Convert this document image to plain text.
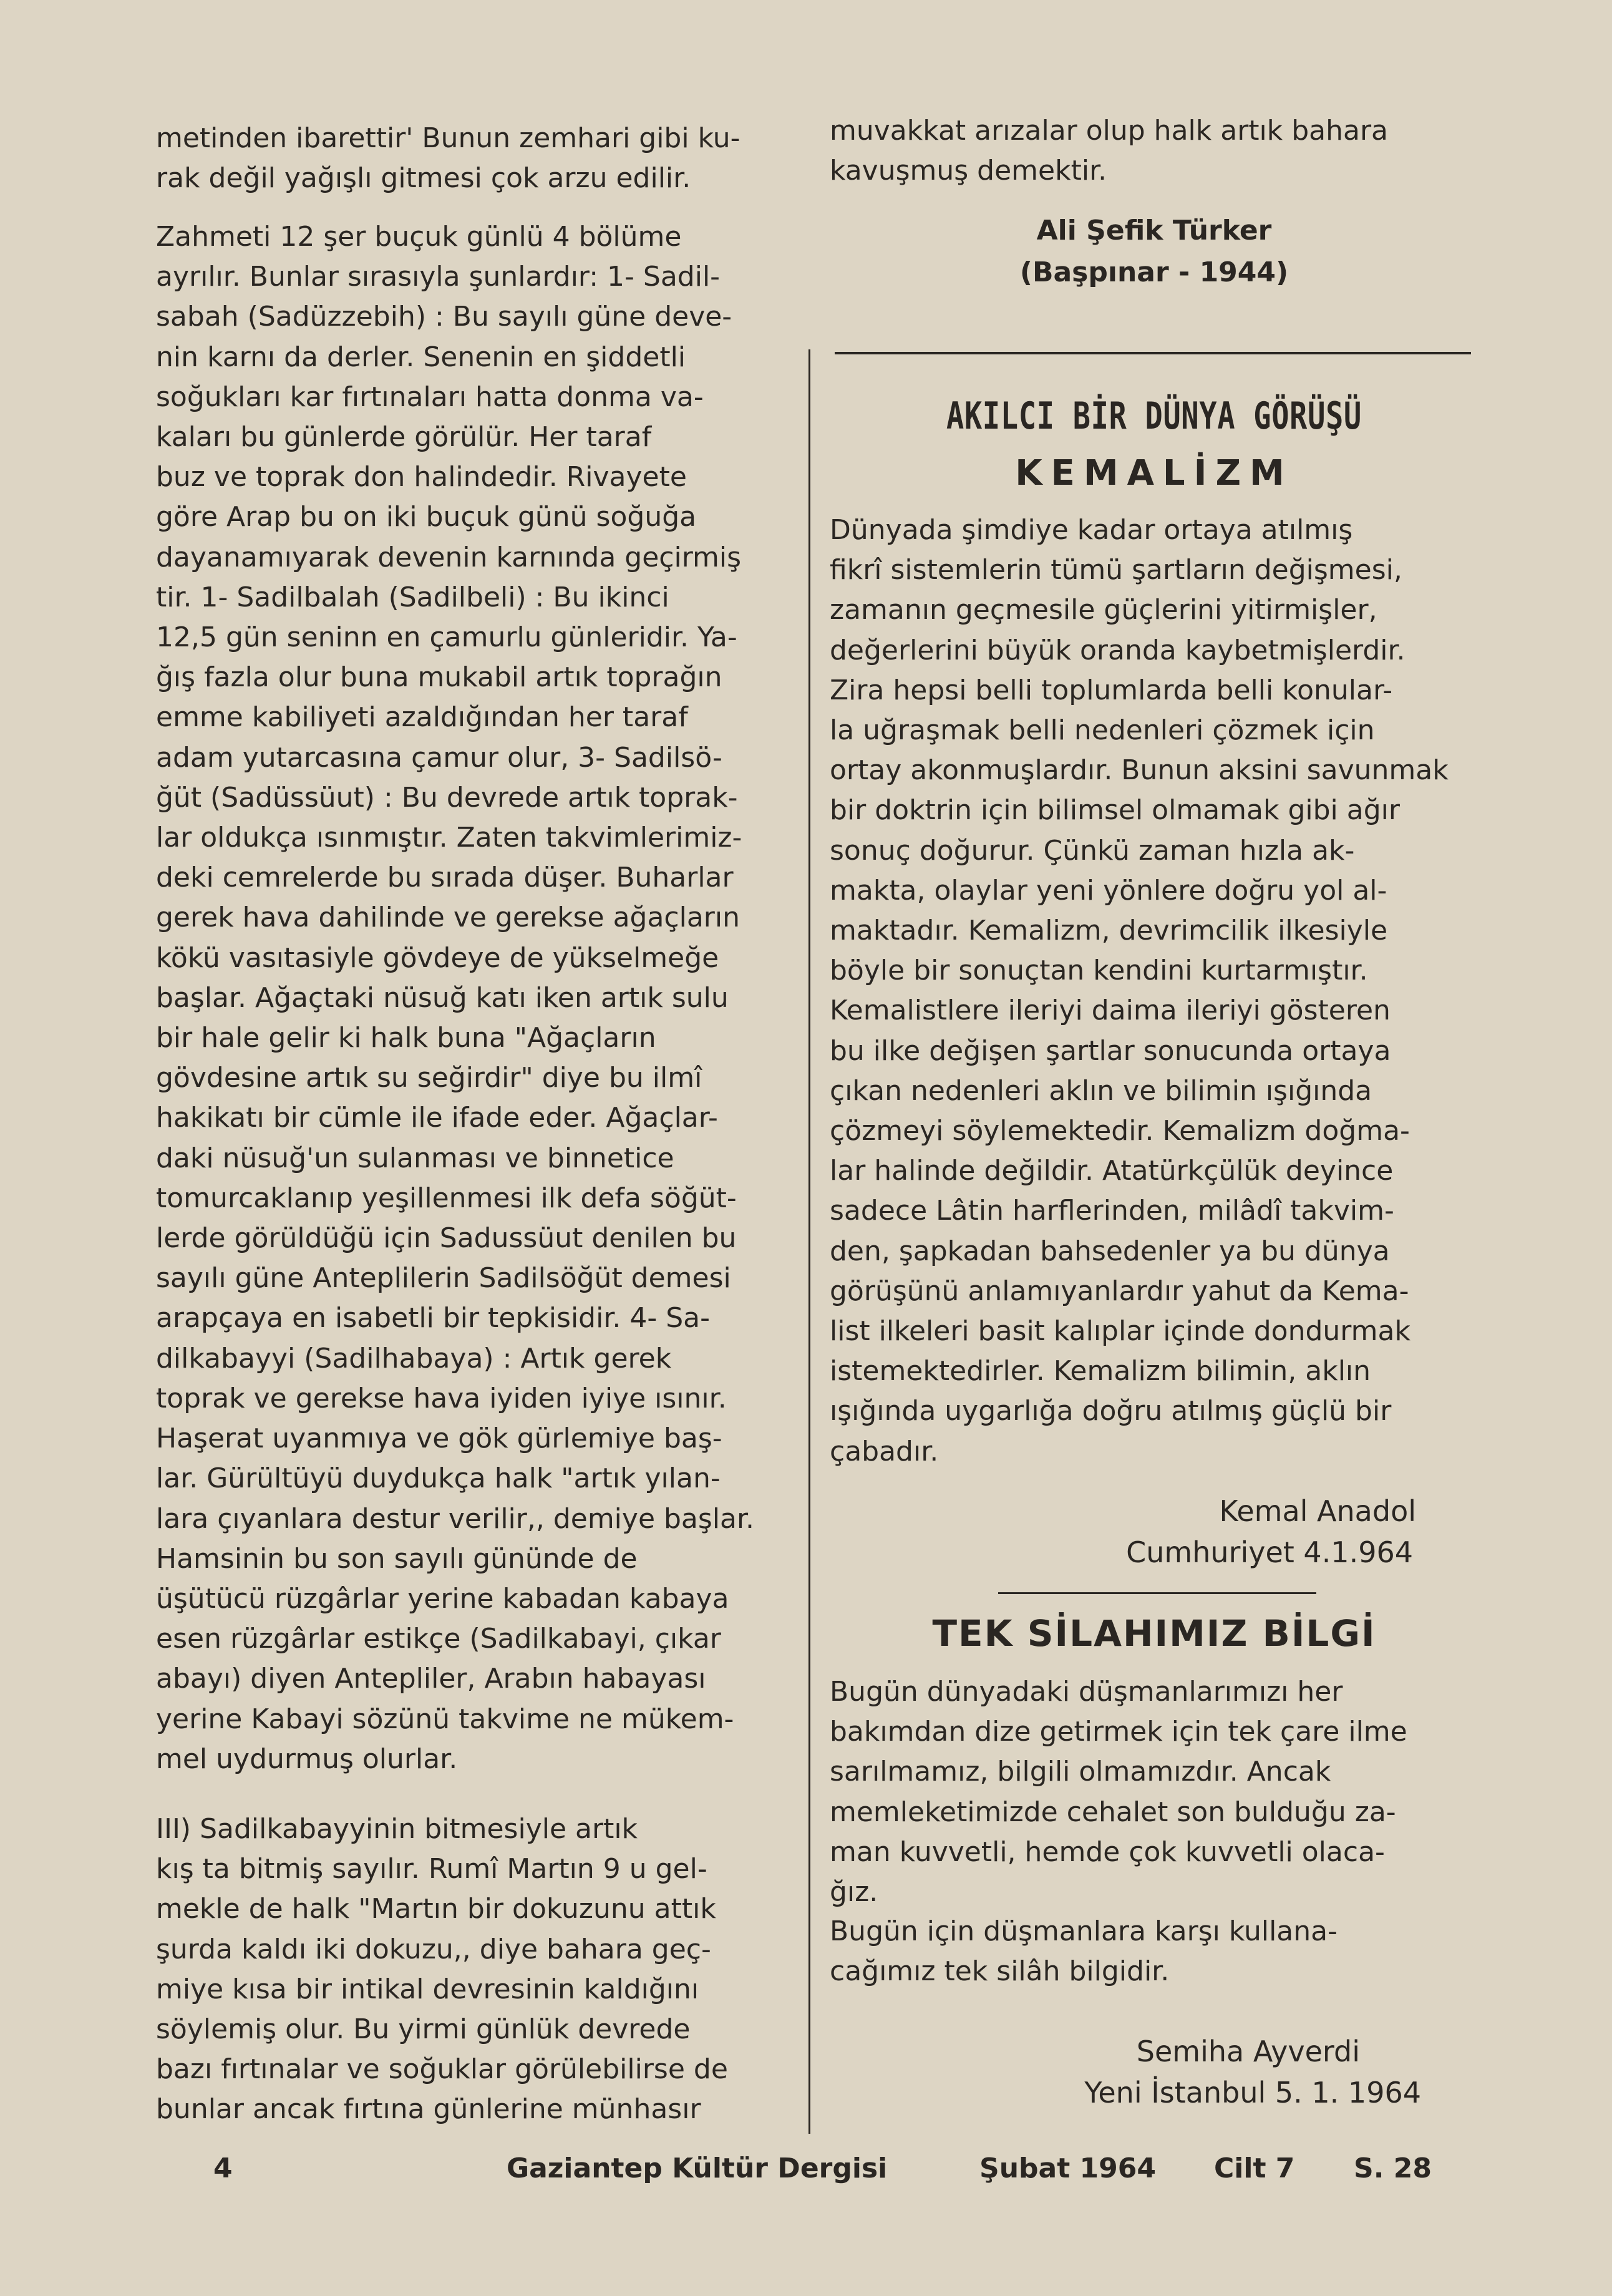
metinden ibarettir' Bunun zemhari gibi ku-
rak değil yağışlı gitmesi çok arzu edilir.

Zahmeti 12 şer buçuk günlü 4 bölüme
ayrılır. Bunlar sırasıyla şunlardır: 1- Sadil-
sabah (Sadüzzebih) : Bu sayılı güne deve-
nin karnı da derler. Senenin en şiddetli
soğukları kar fırtınaları hatta donma va-
kaları bu günlerde görülür. Her taraf
buz ve toprak don halindedir. Rivayete
göre Arap bu on iki buçuk günü soğuğa
dayanamıyarak devenin karnında geçirmiş
tir. 1- Sadilbalah (Sadilbeli) : Bu ikinci
12,5 gün seninn en çamurlu günleridir. Ya-
ğış fazla olur buna mukabil artık toprağın
emme kabiliyeti azaldığından her taraf
adam yutarcasına çamur olur, 3- Sadilsö-
ğüt (Sadüssüut) : Bu devrede artık toprak-
lar oldukça ısınmıştır. Zaten takvimlerimiz-
deki cemrelerde bu sırada düşer. Buharlar
gerek hava dahilinde ve gerekse ağaçların
kökü vasıtasiyle gövdeye de yükselmeğe
başlar. Ağaçtaki nüsuğ katı iken artık sulu
bir hale gelir ki halk buna "Ağaçların
gövdesine artık su seğirdir" diye bu ilmî
hakikatı bir cümle ile ifade eder. Ağaçlar-
daki nüsuğ'un sulanması ve binnetice
tomurcaklanıp yeşillenmesi ilk defa söğüt-
lerde görüldüğü için Sadussüut denilen bu
sayılı güne Anteplilerin Sadilsöğüt demesi
arapçaya en isabetli bir tepkisidir. 4- Sa-
dilkabayyi (Sadilhabaya) : Artık gerek
toprak ve gerekse hava iyiden iyiye ısınır.
Haşerat uyanmıya ve gök gürlemiye baş-
lar. Gürültüyü duydukça halk "artık yılan-
lara çıyanlara destur verilir,, demiye başlar.
Hamsinin bu son sayılı gününde de
üşütücü rüzgârlar yerine kabadan kabaya
esen rüzgârlar estikçe (Sadilkabayi, çıkar
abayı) diyen Antepliler, Arabın habayası
yerine Kabayi sözünü takvime ne mükem-
mel uydurmuş olurlar.

III) Sadilkabayyinin bitmesiyle artık
kış ta bitmiş sayılır. Rumî Martın 9 u gel-
mekle de halk "Martın bir dokuzunu attık
şurda kaldı iki dokuzu,, diye bahara geç-
miye kısa bir intikal devresinin kaldığını
söylemiş olur. Bu yirmi günlük devrede
bazı fırtınalar ve soğuklar görülebilirse de
bunlar ancak fırtına günlerine münhasır

muvakkat arızalar olup halk artık bahara
kavuşmuş demektir.

Ali Şefik Türker
(Başpınar - 1944)
AKILCI BİR DÜNYA GÖRÜŞÜ
KEMALİZM

Dünyada şimdiye kadar ortaya atılmış
fikrî sistemlerin tümü şartların değişmesi,
zamanın geçmesile güçlerini yitirmişler,
değerlerini büyük oranda kaybetmişlerdir.
Zira hepsi belli toplumlarda belli konular-
la uğraşmak belli nedenleri çözmek için
ortay akonmuşlardır. Bunun aksini savunmak
bir doktrin için bilimsel olmamak gibi ağır
sonuç doğurur. Çünkü zaman hızla ak-
makta, olaylar yeni yönlere doğru yol al-
maktadır. Kemalizm, devrimcilik ilkesiyle
böyle bir sonuçtan kendini kurtarmıştır.
Kemalistlere ileriyi daima ileriyi gösteren
bu ilke değişen şartlar sonucunda ortaya
çıkan nedenleri aklın ve bilimin ışığında
çözmeyi söylemektedir. Kemalizm doğma-
lar halinde değildir. Atatürkçülük deyince
sadece Lâtin harflerinden, milâdî takvim-
den, şapkadan bahsedenler ya bu dünya
görüşünü anlamıyanlardır yahut da Kema-
list ilkeleri basit kalıplar içinde dondurmak
istemektedirler. Kemalizm bilimin, aklın
ışığında uygarlığa doğru atılmış güçlü bir
çabadır.

Kemal Anadol
Cumhuriyet 4.1.964
TEK SİLAHIMIZ BİLGİ

Bugün dünyadaki düşmanlarımızı her
bakımdan dize getirmek için tek çare ilme
sarılmamız, bilgili olmamızdır. Ancak
memleketimizde cehalet son bulduğu za-
man kuvvetli, hemde çok kuvvetli olaca-
ğız.

Bugün için düşmanlara karşı kullana-
cağımız tek silâh bilgidir.

Semiha Ayverdi
Yeni İstanbul 5. 1. 1964
4	Gaziantep Kültür Dergisi	Şubat 1964 Cilt 7 S. 28
